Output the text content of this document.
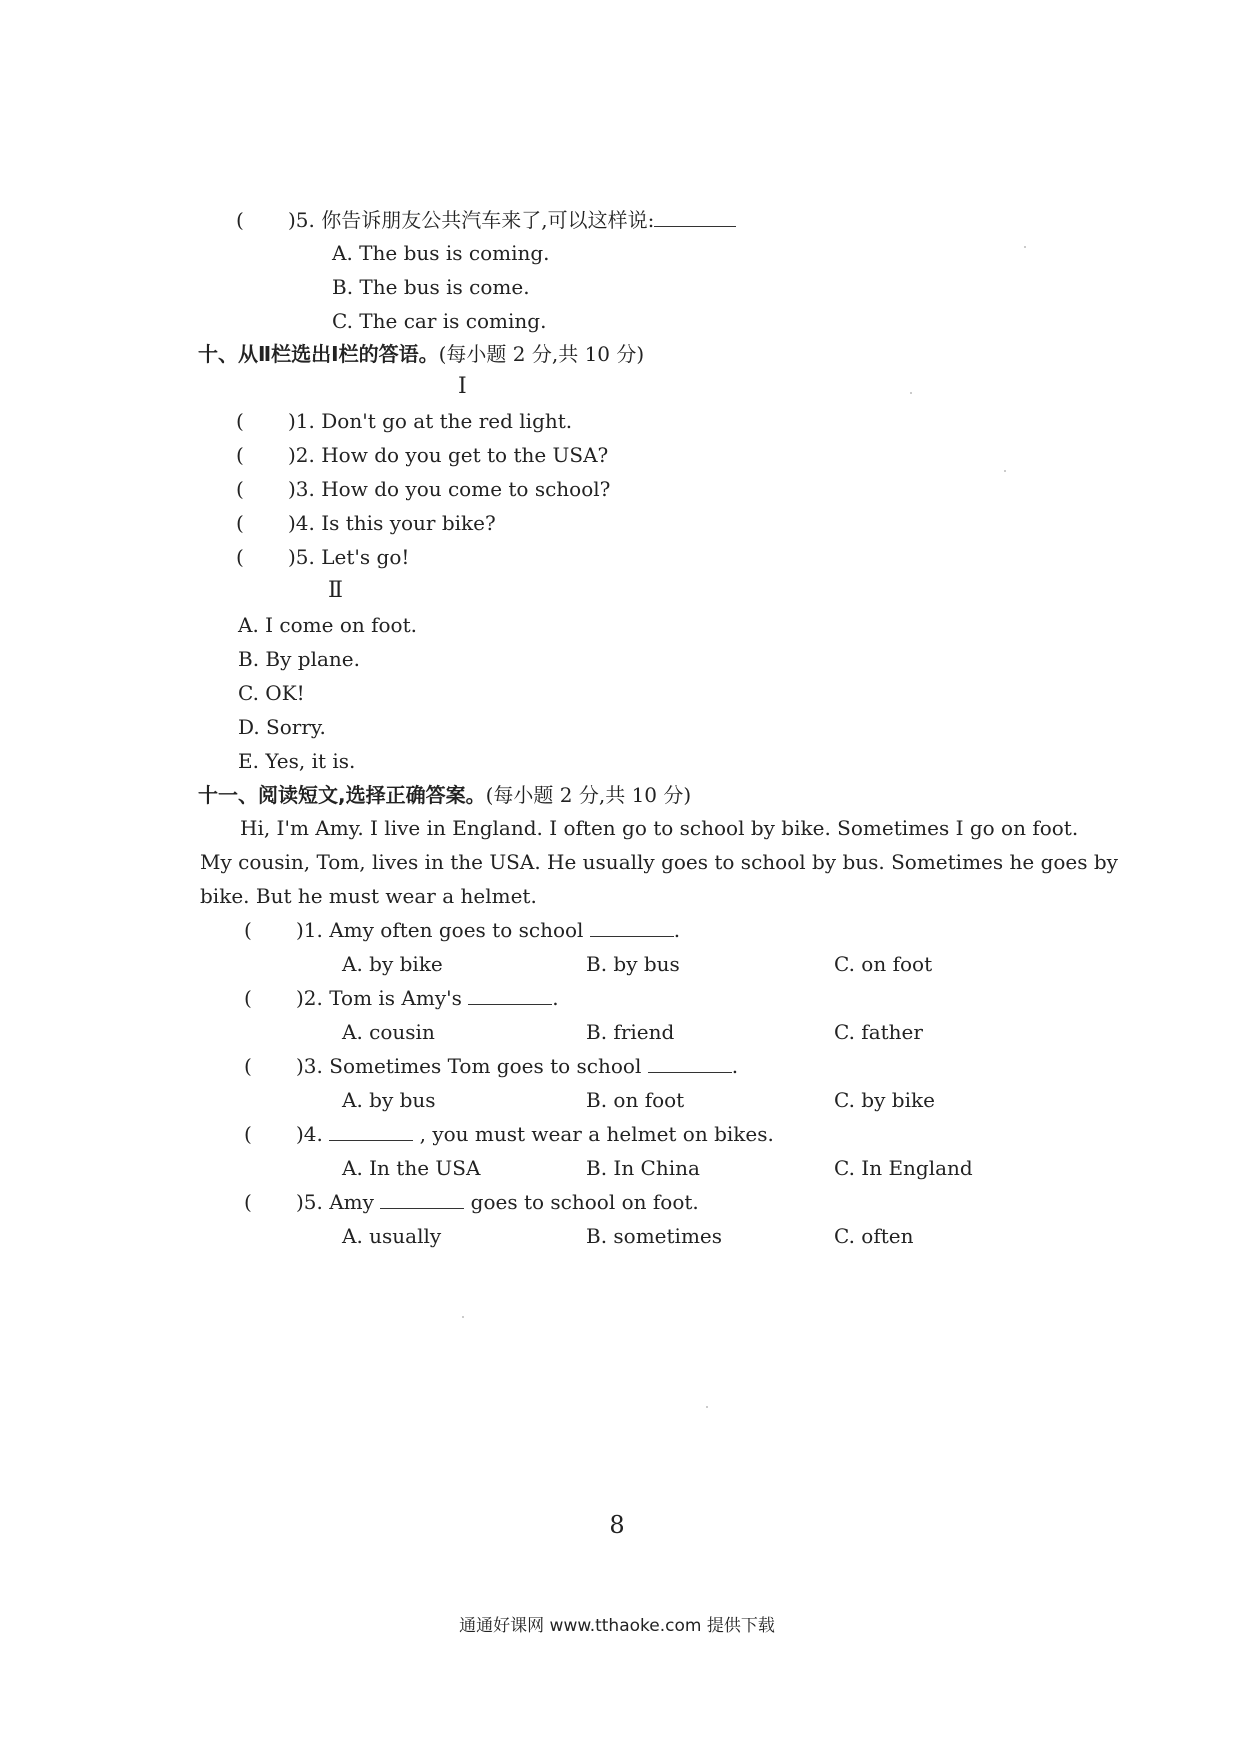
( )5. 你告诉朋友公共汽车来了,可以这样说:
A. The bus is coming.
B. The bus is come.
C. The car is coming.
十、从Ⅱ栏选出Ⅰ栏的答语。(每小题 2 分,共 10 分)
Ⅰ
( )1. Don't go at the red light.
( )2. How do you get to the USA?
( )3. How do you come to school?
( )4. Is this your bike?
( )5. Let's go!
Ⅱ
A. I come on foot.
B. By plane.
C. OK!
D. Sorry.
E. Yes, it is.
十一、阅读短文,选择正确答案。(每小题 2 分,共 10 分)
Hi, I'm Amy. I live in England. I often go to school by bike. Sometimes I go on foot.
My cousin, Tom, lives in the USA. He usually goes to school by bus. Sometimes he goes by
bike. But he must wear a helmet.
( )1. Amy often goes to school	.
A. by bike	B. by bus	C. on foot
( )2. Tom is Amy's	.
A. cousin	B. friend	C. father
( )3. Sometimes Tom goes to school	.
A. by bus	B. on foot	C. by bike
( )4.	, you must wear a helmet on bikes.
A. In the USA	B. In China	C. In England
( )5. Amy	goes to school on foot.
A. usually	B. sometimes	C. often
8
通通好课网 www.tthaoke.com 提供下载
